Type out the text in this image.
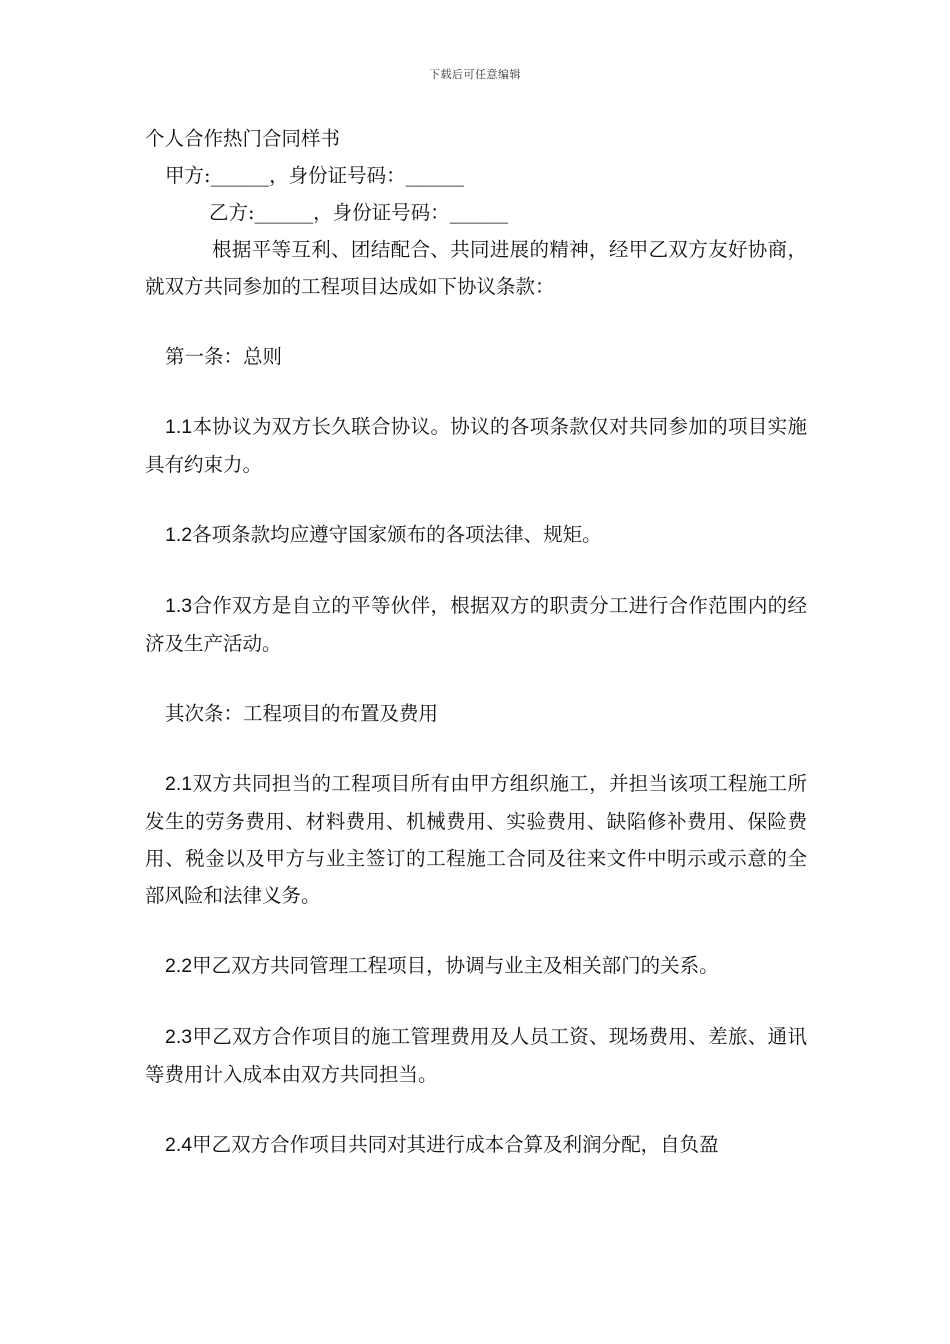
下载后可任意编辑

个人合作热门合同样书

甲方:______，身份证号码：______

乙方:______，身份证号码：______

根据平等互利、团结配合、共同进展的精神，经甲乙双方友好协商，就双方共同参加的工程项目达成如下协议条款：

第一条：总则

1.1本协议为双方长久联合协议。协议的各项条款仅对共同参加的项目实施具有约束力。

1.2各项条款均应遵守国家颁布的各项法律、规矩。

1.3合作双方是自立的平等伙伴，根据双方的职责分工进行合作范围内的经济及生产活动。

其次条：工程项目的布置及费用

2.1双方共同担当的工程项目所有由甲方组织施工，并担当该项工程施工所发生的劳务费用、材料费用、机械费用、实验费用、缺陷修补费用、保险费用、税金以及甲方与业主签订的工程施工合同及往来文件中明示或示意的全部风险和法律义务。

2.2甲乙双方共同管理工程项目，协调与业主及相关部门的关系。

2.3甲乙双方合作项目的施工管理费用及人员工资、现场费用、差旅、通讯等费用计入成本由双方共同担当。

2.4甲乙双方合作项目共同对其进行成本合算及利润分配，自负盈
